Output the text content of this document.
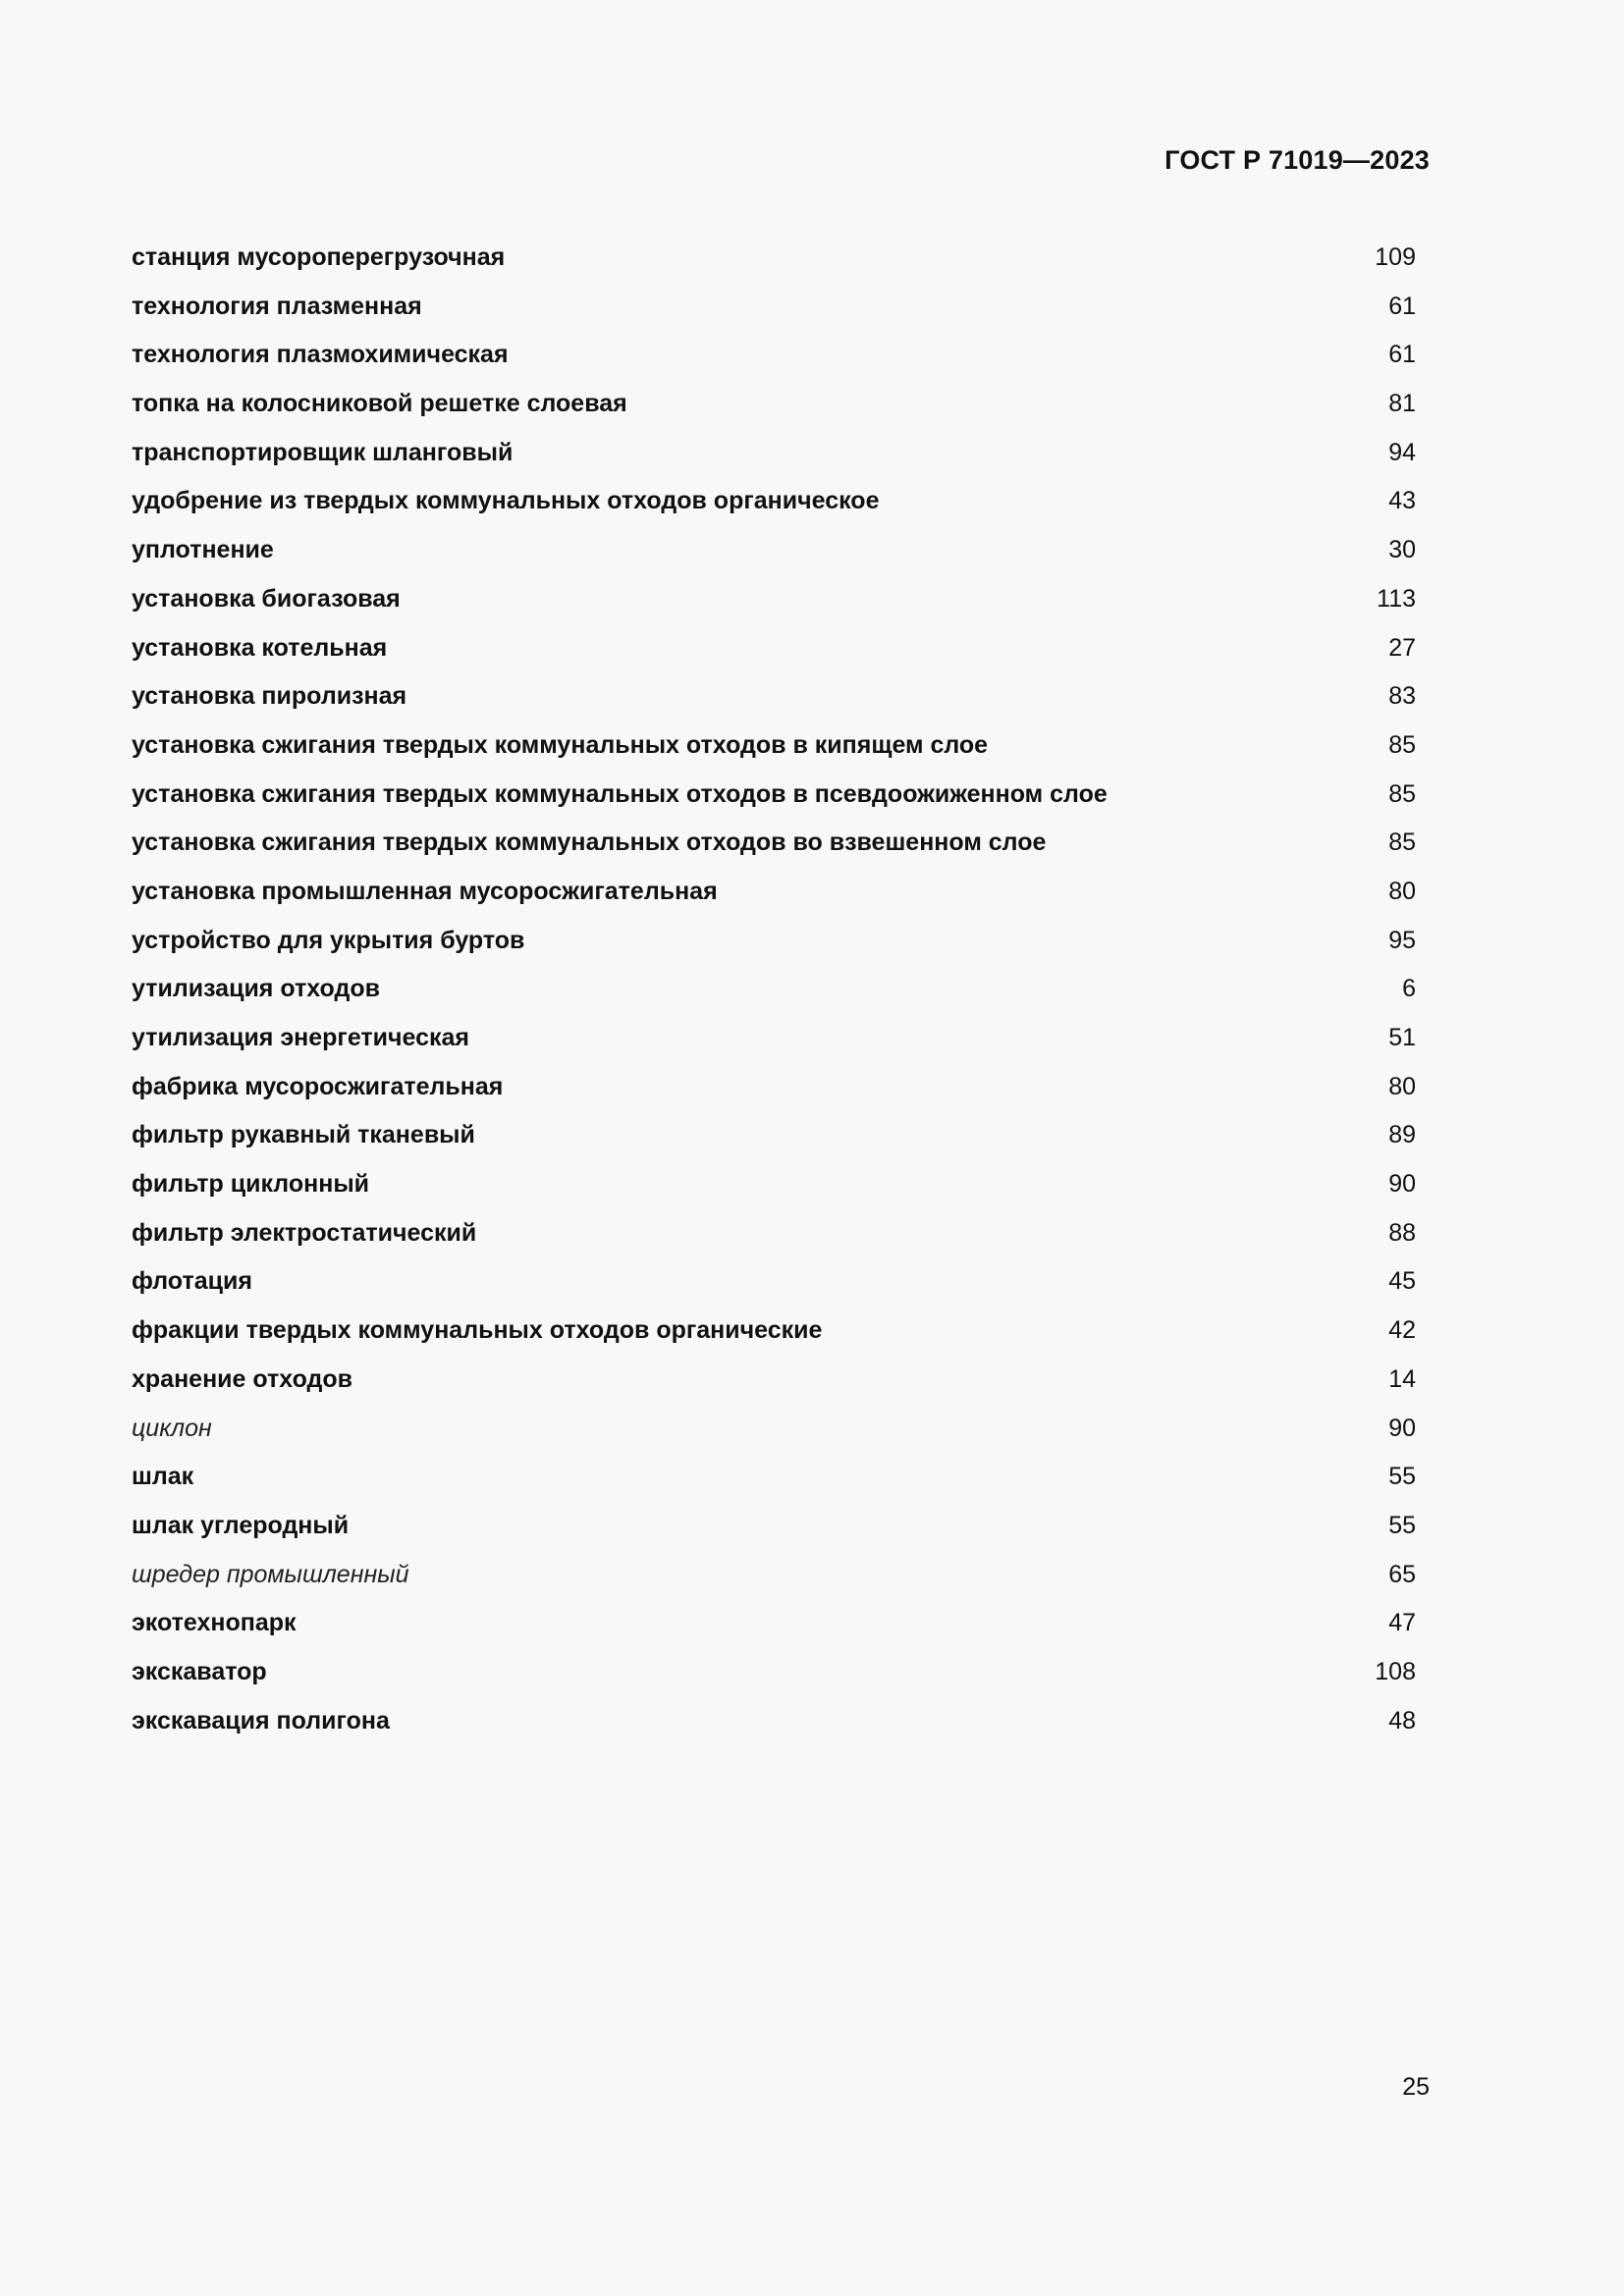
ГОСТ Р 71019—2023
станция мусороперегрузочная	109
технология плазменная	61
технология плазмохимическая	61
топка на колосниковой решетке слоевая	81
транспортировщик шланговый	94
удобрение из твердых коммунальных отходов органическое	43
уплотнение	30
установка биогазовая	113
установка котельная	27
установка пиролизная	83
установка сжигания твердых коммунальных отходов в кипящем слое	85
установка сжигания твердых коммунальных отходов в псевдоожиженном слое	85
установка сжигания твердых коммунальных отходов во взвешенном слое	85
установка промышленная мусоросжигательная	80
устройство для укрытия буртов	95
утилизация отходов	6
утилизация энергетическая	51
фабрика мусоросжигательная	80
фильтр рукавный тканевый	89
фильтр циклонный	90
фильтр электростатический	88
флотация	45
фракции твердых коммунальных отходов органические	42
хранение отходов	14
циклон	90
шлак	55
шлак углеродный	55
шредер промышленный	65
экотехнопарк	47
экскаватор	108
экскавация полигона	48
25
